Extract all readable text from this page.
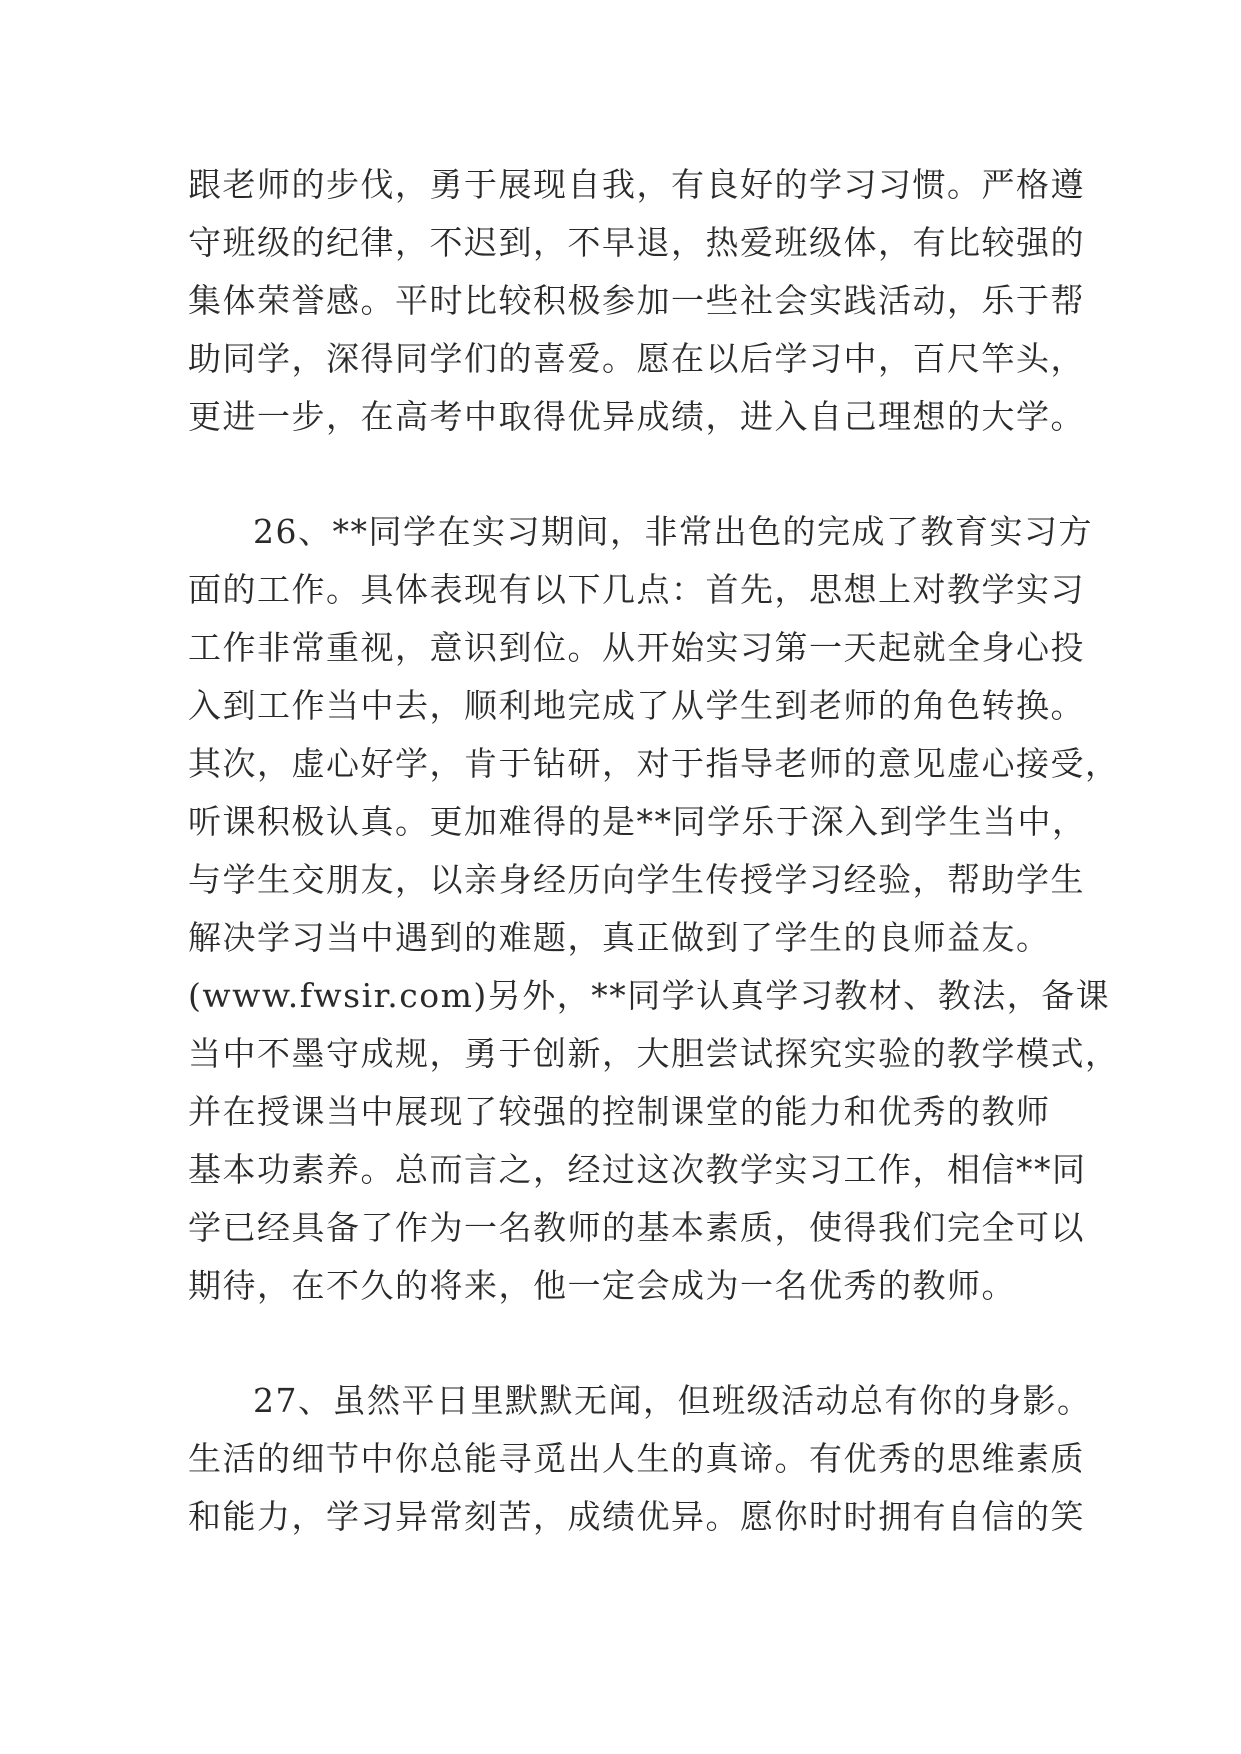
跟老师的步伐，勇于展现自我，有良好的学习习惯。严格遵
守班级的纪律，不迟到，不早退，热爱班级体，有比较强的
集体荣誉感。平时比较积极参加一些社会实践活动，乐于帮
助同学，深得同学们的喜爱。愿在以后学习中，百尺竿头，
更进一步，在高考中取得优异成绩，进入自己理想的大学。
26、**同学在实习期间，非常出色的完成了教育实习方
面的工作。具体表现有以下几点：首先，思想上对教学实习
工作非常重视，意识到位。从开始实习第一天起就全身心投
入到工作当中去，顺利地完成了从学生到老师的角色转换。
其次，虚心好学，肯于钻研，对于指导老师的意见虚心接受，
听课积极认真。更加难得的是**同学乐于深入到学生当中，
与学生交朋友，以亲身经历向学生传授学习经验，帮助学生
解决学习当中遇到的难题，真正做到了学生的良师益友。
(www.fwsir.com)另外，**同学认真学习教材、教法，备课
当中不墨守成规，勇于创新，大胆尝试探究实验的教学模式，
并在授课当中展现了较强的控制课堂的能力和优秀的教师
基本功素养。总而言之，经过这次教学实习工作，相信**同
学已经具备了作为一名教师的基本素质，使得我们完全可以
期待，在不久的将来，他一定会成为一名优秀的教师。
27、虽然平日里默默无闻，但班级活动总有你的身影。
生活的细节中你总能寻觅出人生的真谛。有优秀的思维素质
和能力，学习异常刻苦，成绩优异。愿你时时拥有自信的笑
